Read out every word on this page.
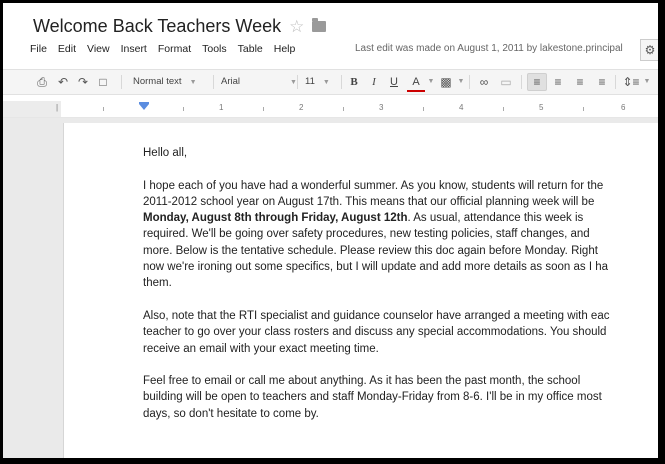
Welcome Back Teachers Week ☆
File Edit View Insert Format Tools Table Help	Last edit was made on August 1, 2011 by lakestone.principal	⚙
⎙ ↶ ↷ □	Normal text ▼	Arial	▼ 11 ▼	B	I	U	A	▼ ▩ ▼	∞	▭	≡	≡	≡	≡	⇕≡ ▼
|	1	2	3	4	5	6

Hello all,

I hope each of you have had a wonderful summer. As you know, students will return for the
2011-2012 school year on August 17th. This means that our official planning week will be
Monday, August 8th through Friday, August 12th. As usual, attendance this week is
required. We'll be going over safety procedures, new testing policies, staff changes, and
more. Below is the tentative schedule. Please review this doc again before Monday. Right
now we're ironing out some specifics, but I will update and add more details as soon as I ha
them.

Also, note that the RTI specialist and guidance counselor have arranged a meeting with eac
teacher to go over your class rosters and discuss any special accommodations. You should
receive an email with your exact meeting time.

Feel free to email or call me about anything. As it has been the past month, the school
building will be open to teachers and staff Monday-Friday from 8-6. I'll be in my office most
days, so don't hesitate to come by.
